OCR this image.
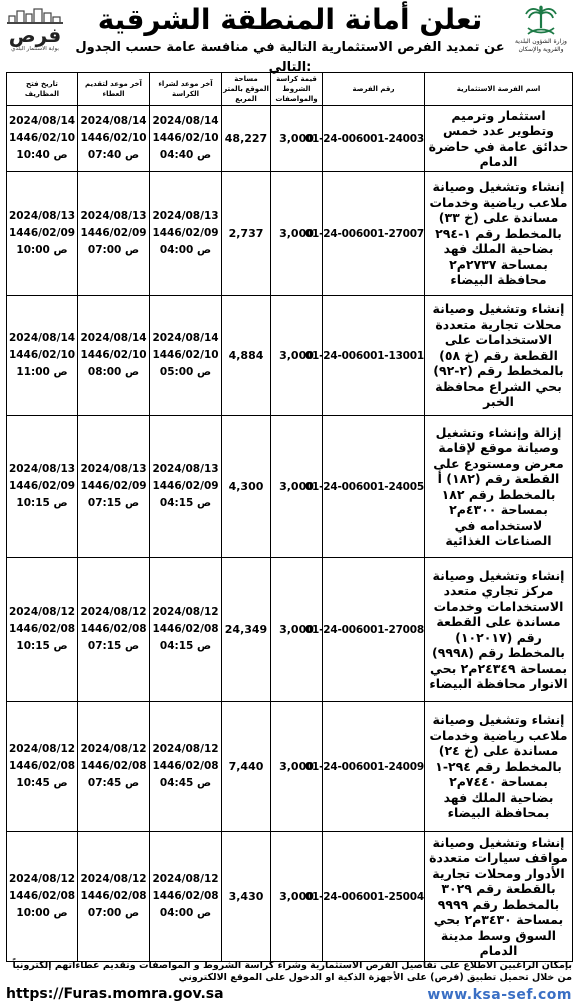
فرص
بوابة الاستثمار البلدي
تعلن أمانة المنطقة الشرقية
عن تمديد الفرص الاستثمارية التالية في منافسة عامة حسب الجدول التالي:
وزارة الشؤون البلدية والقروية والإسكان
اسم الفرصة الاستثمارية	رقم الفرصة	قيمة كراسة الشروط والمواصفات	مساحة الموقع بالمتر المربع	آخر موعد لشراء الكراسة	آخر موعد لتقديم العطاء	تاريخ فتح المظاريف
استثمار وترميم وتطوير عدد خمس حدائق عامة في حاضرة الدمام	01-24-006001-24003	3,000	48,227	2024/08/14
1446/02/10
04:40 ص	2024/08/14
1446/02/10
07:40 ص	2024/08/14
1446/02/10
10:40 ص

إنشاء وتشغيل وصيانة ملاعب رياضية وخدمات مساندة على (خ ٣٣) بالمخطط رقم ١-٢٩٤ بضاحية الملك فهد بمساحة ٢٧٣٧م٢ محافظة البيضاء	01-24-006001-27007	3,000	2,737	2024/08/13
1446/02/09
04:00 ص	2024/08/13
1446/02/09
07:00 ص	2024/08/13
1446/02/09
10:00 ص

إنشاء وتشغيل وصيانة محلات تجارية متعددة الاستخدامات على القطعة رقم (خ ٥٨) بالمخطط رقم (٢-٩٢) بحي الشراع محافظة الخبر	01-24-006001-13001	3,000	4,884	2024/08/14
1446/02/10
05:00 ص	2024/08/14
1446/02/10
08:00 ص	2024/08/14
1446/02/10
11:00 ص

إزالة وإنشاء وتشغيل وصيانة موقع لإقامة معرض ومستودع على القطعة رقم (١٨٢) أ بالمخطط رقم ١٨٢ بمساحة ٤٣٠٠م٢ لاستخدامه في الصناعات الغذائية	01-24-006001-24005	3,000	4,300	2024/08/13
1446/02/09
04:15 ص	2024/08/13
1446/02/09
07:15 ص	2024/08/13
1446/02/09
10:15 ص

إنشاء وتشغيل وصيانة مركز تجاري متعدد الاستخدامات وخدمات مساندة على القطعة رقم (١٠٢٠١٧) بالمخطط رقم (٩٩٩٨) بمساحة ٢٤٣٤٩م٢ بحي الانوار محافظة البيضاء	01-24-006001-27008	3,000	24,349	2024/08/12
1446/02/08
04:15 ص	2024/08/12
1446/02/08
07:15 ص	2024/08/12
1446/02/08
10:15 ص

إنشاء وتشغيل وصيانة ملاعب رياضية وخدمات مساندة على (خ ٢٤) بالمخطط رقم ٢٩٤-١ بمساحة ٧٤٤٠م٢ بضاحية الملك فهد بمحافظة البيضاء	01-24-006001-24009	3,000	7,440	2024/08/12
1446/02/08
04:45 ص	2024/08/12
1446/02/08
07:45 ص	2024/08/12
1446/02/08
10:45 ص

إنشاء وتشغيل وصيانة مواقف سيارات متعددة الأدوار ومحلات تجارية بالقطعة رقم ٣٠٢٩ بالمخطط رقم ٩٩٩٩ بمساحة ٣٤٣٠م٢ بحي السوق وسط مدينة الدمام	01-24-006001-25004	3,000	3,430	2024/08/12
1446/02/08
04:00 ص	2024/08/12
1446/02/08
07:00 ص	2024/08/12
1446/02/08
10:00 ص
بإمكان الراغبين الاطلاع على تفاصيل الفرص الاستثمارية وشراء كراسة الشروط و المواصفات وتقديم عطاءاتهم إلكترونياً من خلال تحميل تطبيق (فرص) على الأجهزة الذكية او الدخول على الموقع الالكتروني
https://Furas.momra.gov.sa	www.ksa-sef.com
